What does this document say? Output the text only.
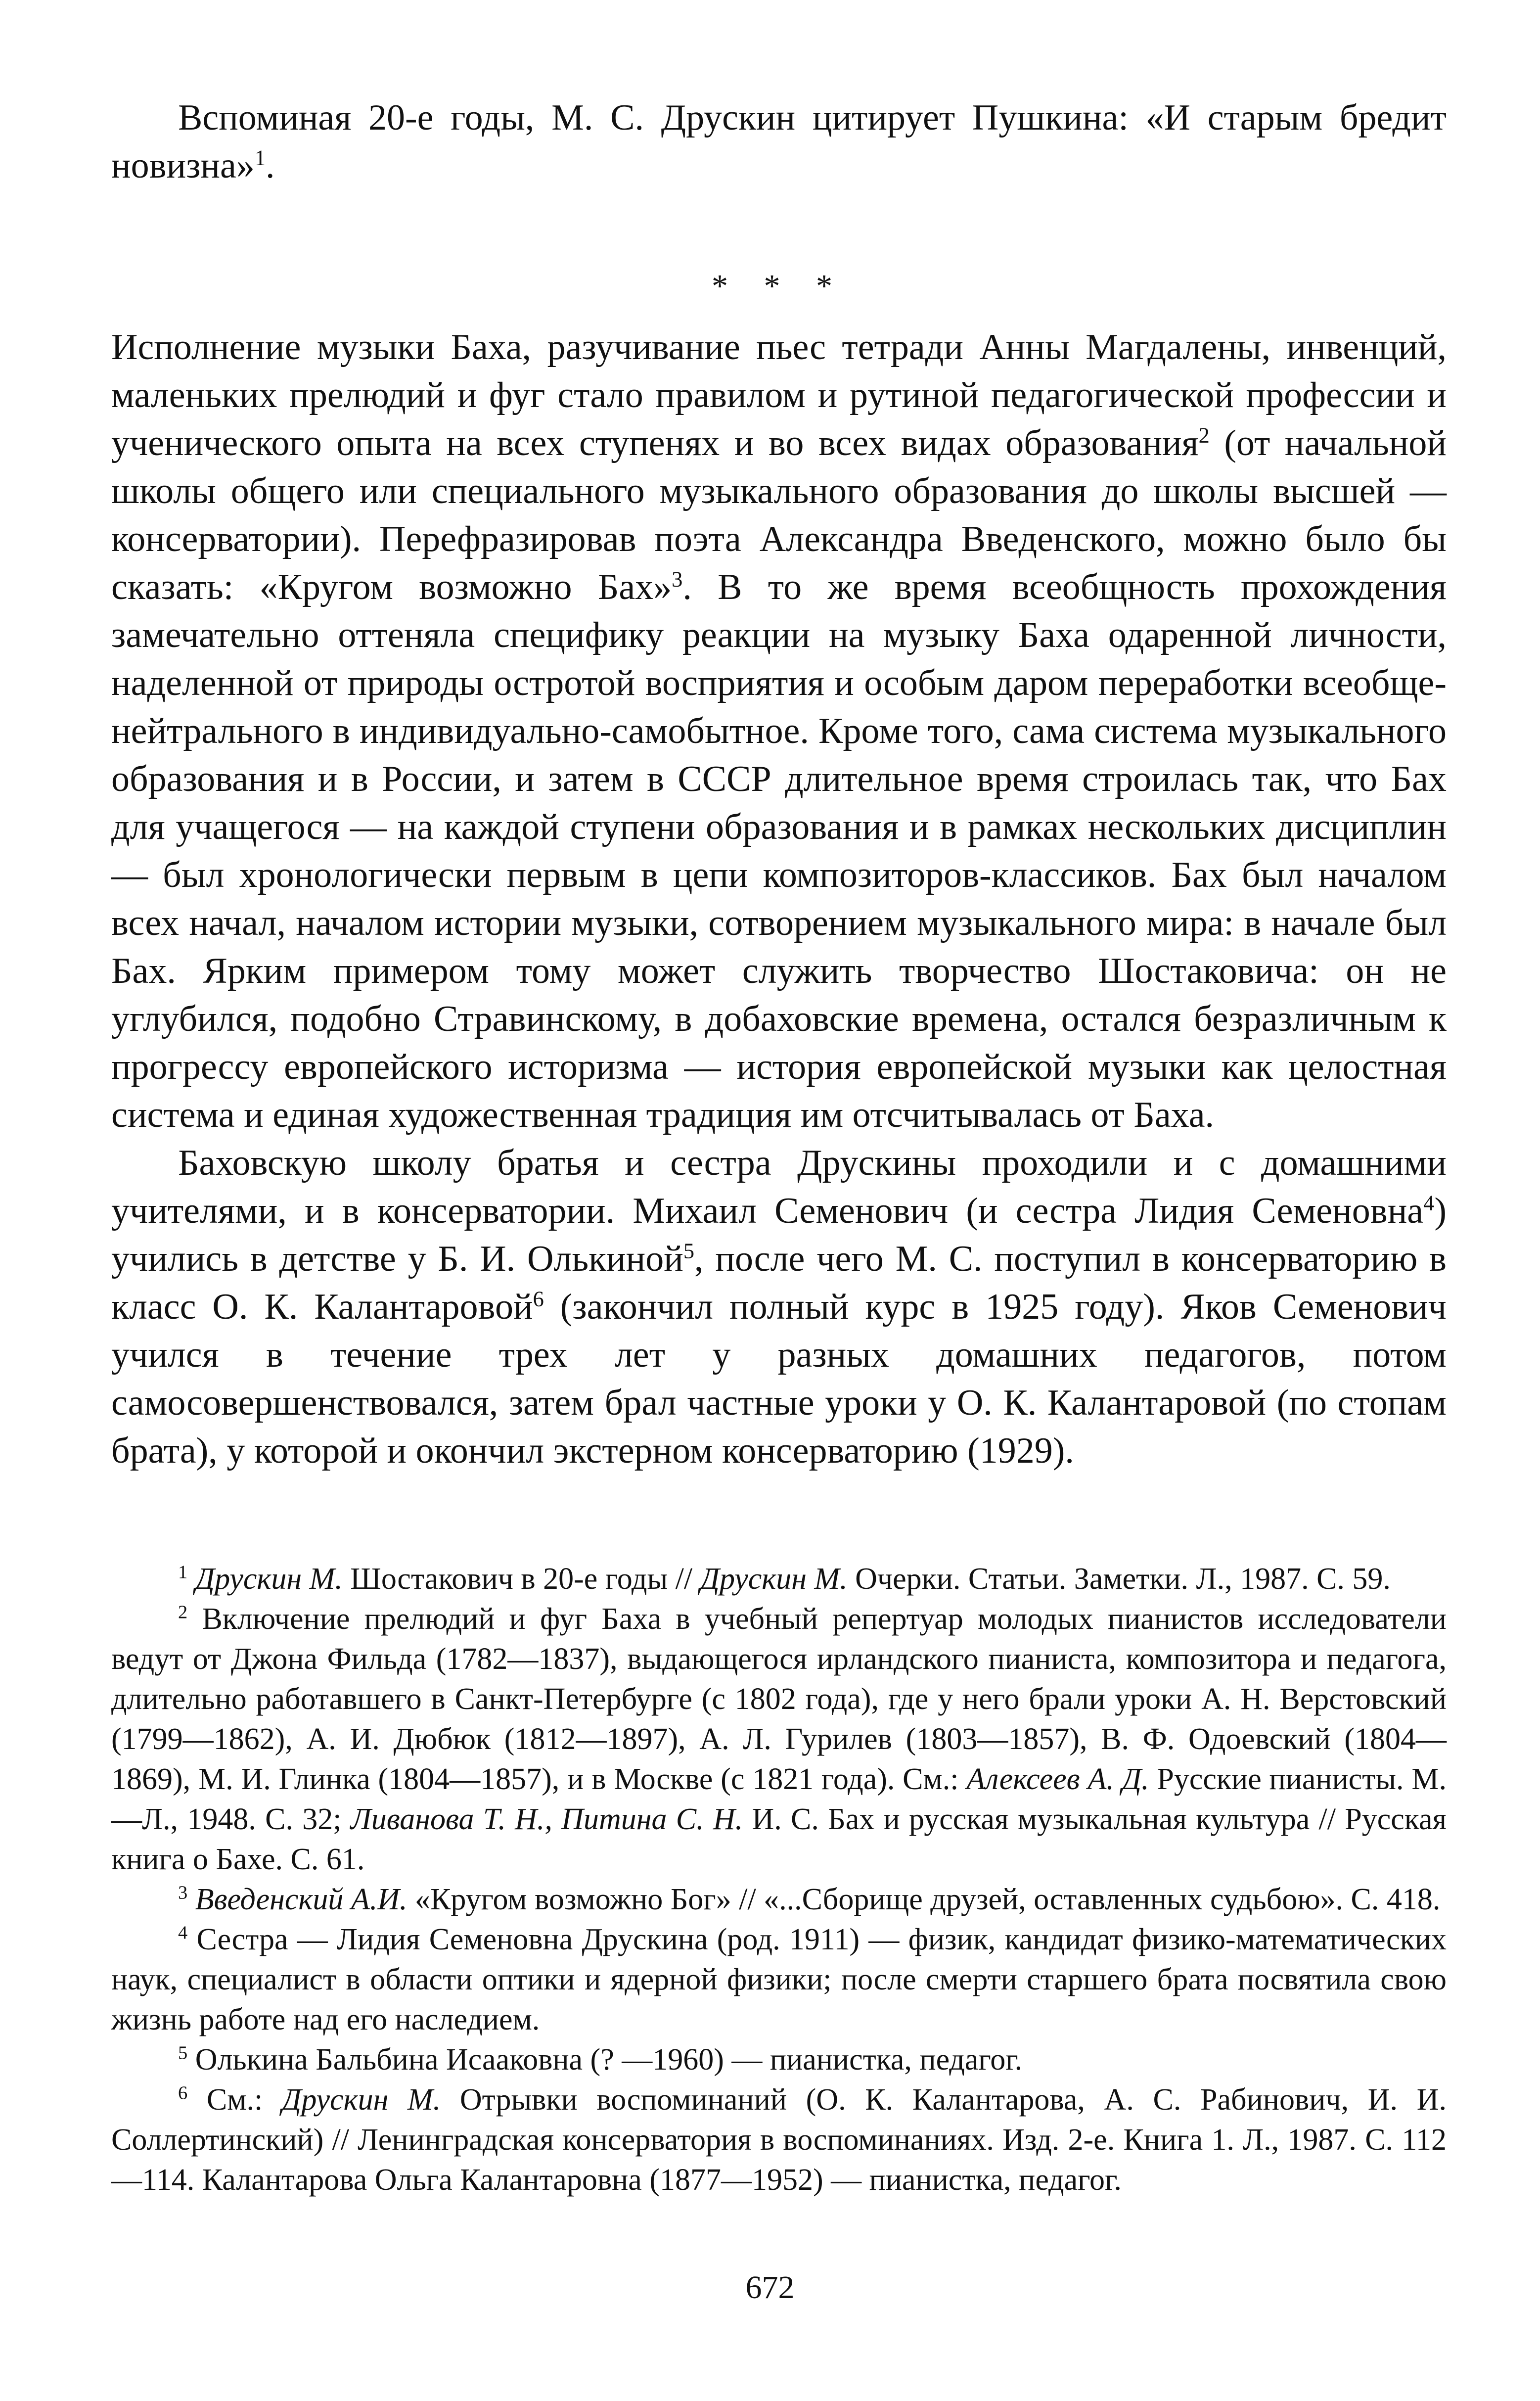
Вспоминая 20-е годы, М. С. Друскин цитирует Пушкина: «И старым бредит новизна»$^1$.

* * *

Исполнение музыки Баха, разучивание пьес тетради Анны Магдалены, инвенций, маленьких прелюдий и фуг стало правилом и рутиной педагогической профессии и ученического опыта на всех ступенях и во всех видах образования$^2$ (от начальной школы общего или специального музыкального образования до школы высшей — консерватории). Перефразировав поэта Александра Введенского, можно было бы сказать: «Кругом возможно Бах»$^3$. В то же время всеобщность прохождения замечательно оттеняла специфику реакции на музыку Баха одаренной личности, наделенной от природы остротой восприятия и особым даром переработки всеобще-нейтрального в индивидуально-самобытное. Кроме того, сама система музыкального образования и в России, и затем в СССР длительное время строилась так, что Бах для учащегося — на каждой ступени образования и в рамках нескольких дисциплин — был хронологически первым в цепи композиторов-классиков. Бах был началом всех начал, началом истории музыки, сотворением музыкального мира: в начале был Бах. Ярким примером тому может служить творчество Шостаковича: он не углубился, подобно Стравинскому, в добаховские времена, остался безразличным к прогрессу европейского историзма — история европейской музыки как целостная система и единая художественная традиция им отсчитывалась от Баха.

Баховскую школу братья и сестра Друскины проходили и с домашними учителями, и в консерватории. Михаил Семенович (и сестра Лидия Семеновна$^4$) учились в детстве у Б. И. Олькиной$^5$, после чего М. С. поступил в консерваторию в класс О. К. Калантаровой$^6$ (закончил полный курс в 1925 году). Яков Семенович учился в течение трех лет у разных домашних педагогов, потом самосовершенствовался, затем брал частные уроки у О. К. Калантаровой (по стопам брата), у которой и окончил экстерном консерваторию (1929).

$^1$ Друскин М. Шостакович в 20-е годы // Друскин М. Очерки. Статьи. Заметки. Л., 1987. С. 59.

$^2$ Включение прелюдий и фуг Баха в учебный репертуар молодых пианистов исследователи ведут от Джона Фильда (1782—1837), выдающегося ирландского пианиста, композитора и педагога, длительно работавшего в Санкт-Петербурге (с 1802 года), где у него брали уроки А. Н. Верстовский (1799—1862), А. И. Дюбюк (1812—1897), А. Л. Гурилев (1803—1857), В. Ф. Одоевский (1804—1869), М. И. Глинка (1804—1857), и в Москве (с 1821 года). См.: Алексеев А. Д. Русские пианисты. М.—Л., 1948. С. 32; Ливанова Т. Н., Питина С. Н. И. С. Бах и русская музыкальная культура // Русская книга о Бахе. С. 61.

$^3$ Введенский А.И. «Кругом возможно Бог» // «...Сборище друзей, оставленных судьбою». С. 418.

$^4$ Сестра — Лидия Семеновна Друскина (род. 1911) — физик, кандидат физико-математических наук, специалист в области оптики и ядерной физики; после смерти старшего брата посвятила свою жизнь работе над его наследием.

$^5$ Олькина Бальбина Исааковна (? —1960) — пианистка, педагог.

$^6$ См.: Друскин М. Отрывки воспоминаний (О. К. Калантарова, А. С. Рабинович, И. И. Соллертинский) // Ленинградская консерватория в воспоминаниях. Изд. 2-е. Книга 1. Л., 1987. С. 112—114. Калантарова Ольга Калантаровна (1877—1952) — пианистка, педагог.

672
